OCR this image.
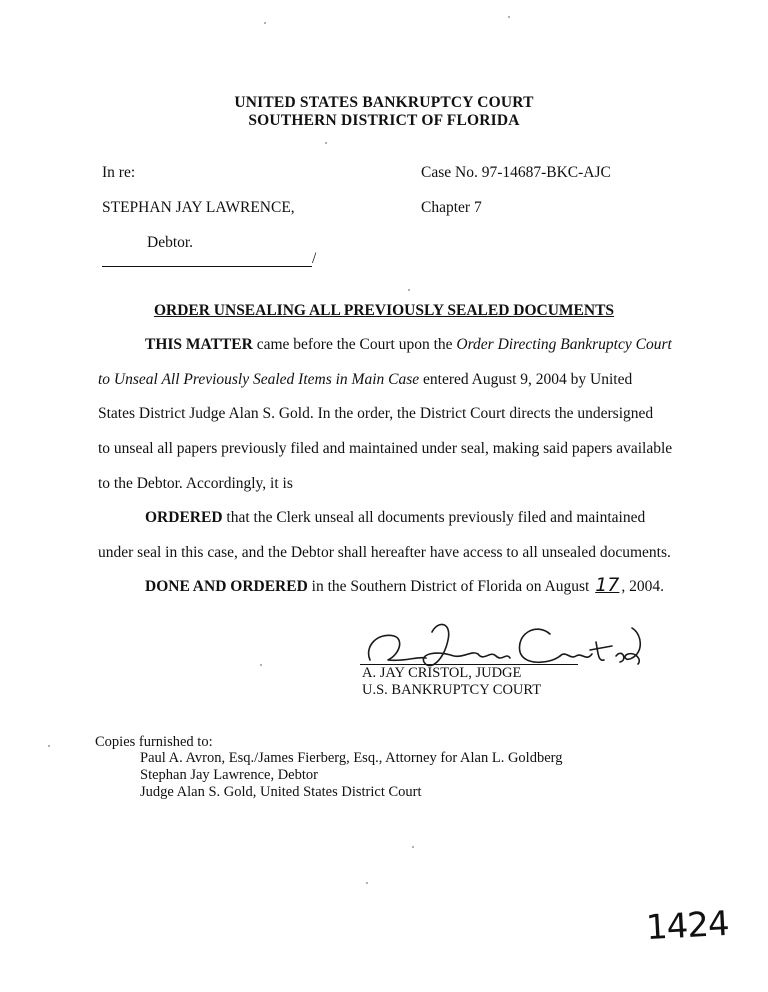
UNITED STATES BANKRUPTCY COURT
SOUTHERN DISTRICT OF FLORIDA
In re:	Case No. 97-14687-BKC-AJC
STEPHAN JAY LAWRENCE,	Chapter 7
Debtor.
/
ORDER UNSEALING ALL PREVIOUSLY SEALED DOCUMENTS
THIS MATTER came before the Court upon the Order Directing Bankruptcy Court
to Unseal All Previously Sealed Items in Main Case entered August 9, 2004 by United
States District Judge Alan S. Gold. In the order, the District Court directs the undersigned
to unseal all papers previously filed and maintained under seal, making said papers available
to the Debtor. Accordingly, it is
ORDERED that the Clerk unseal all documents previously filed and maintained
under seal in this case, and the Debtor shall hereafter have access to all unsealed documents.
DONE AND ORDERED in the Southern District of Florida on August 17 , 2004.
A. Jay Cristol
A. JAY CRISTOL, JUDGE
U.S. BANKRUPTCY COURT
Copies furnished to:
Paul A. Avron, Esq./James Fierberg, Esq., Attorney for Alan L. Goldberg
Stephan Jay Lawrence, Debtor
Judge Alan S. Gold, United States District Court
1424
